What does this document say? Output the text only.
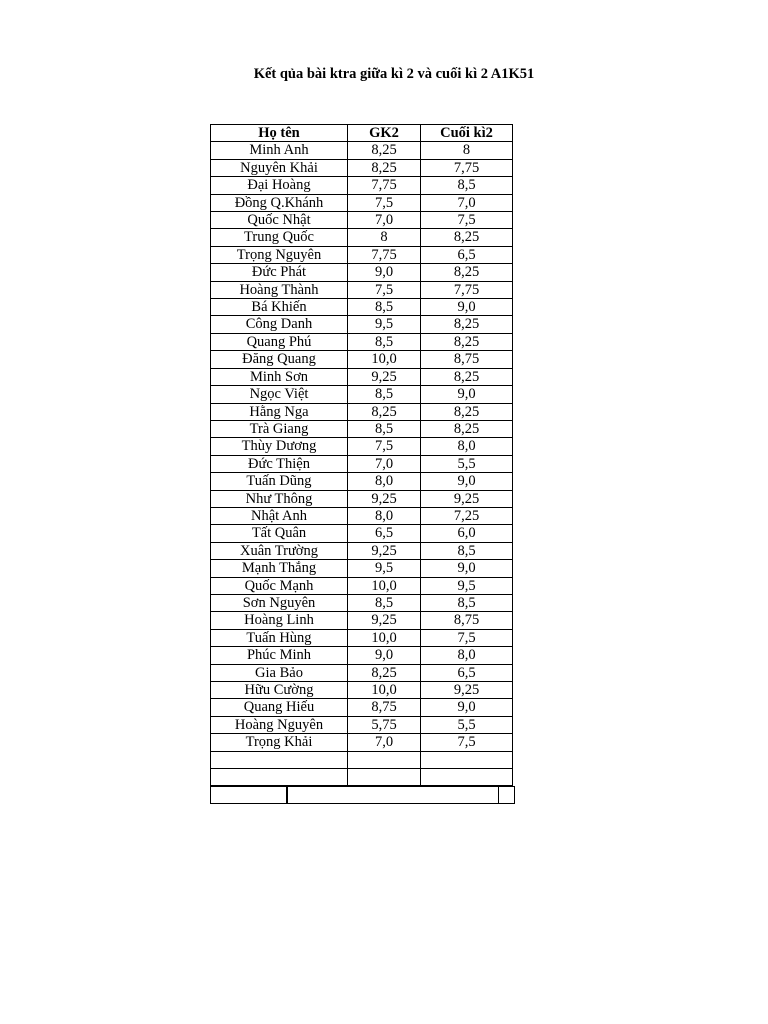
Kết qủa bài ktra giữa kì 2 và cuối kì 2 A1K51
Họ tên	GK2	Cuối kì2
Minh Anh	8,25	8
Nguyên Khải	8,25	7,75
Đại Hoàng	7,75	8,5
Đồng Q.Khánh	7,5	7,0
Quốc Nhật	7,0	7,5
Trung Quốc	8	8,25
Trọng Nguyên	7,75	6,5
Đức Phát	9,0	8,25
Hoàng Thành	7,5	7,75
Bá Khiến	8,5	9,0
Công Danh	9,5	8,25
Quang Phú	8,5	8,25
Đăng Quang	10,0	8,75
Minh Sơn	9,25	8,25
Ngọc Việt	8,5	9,0
Hằng Nga	8,25	8,25
Trà Giang	8,5	8,25
Thùy Dương	7,5	8,0
Đức Thiện	7,0	5,5
Tuấn Dũng	8,0	9,0
Như Thông	9,25	9,25
Nhật Anh	8,0	7,25
Tất Quân	6,5	6,0
Xuân Trường	9,25	8,5
Mạnh Thắng	9,5	9,0
Quốc Mạnh	10,0	9,5
Sơn Nguyên	8,5	8,5
Hoàng Linh	9,25	8,75
Tuấn Hùng	10,0	7,5
Phúc Minh	9,0	8,0
Gia Bảo	8,25	6,5
Hữu Cường	10,0	9,25
Quang Hiếu	8,75	9,0
Hoàng Nguyên	5,75	5,5
Trọng Khải	7,0	7,5
